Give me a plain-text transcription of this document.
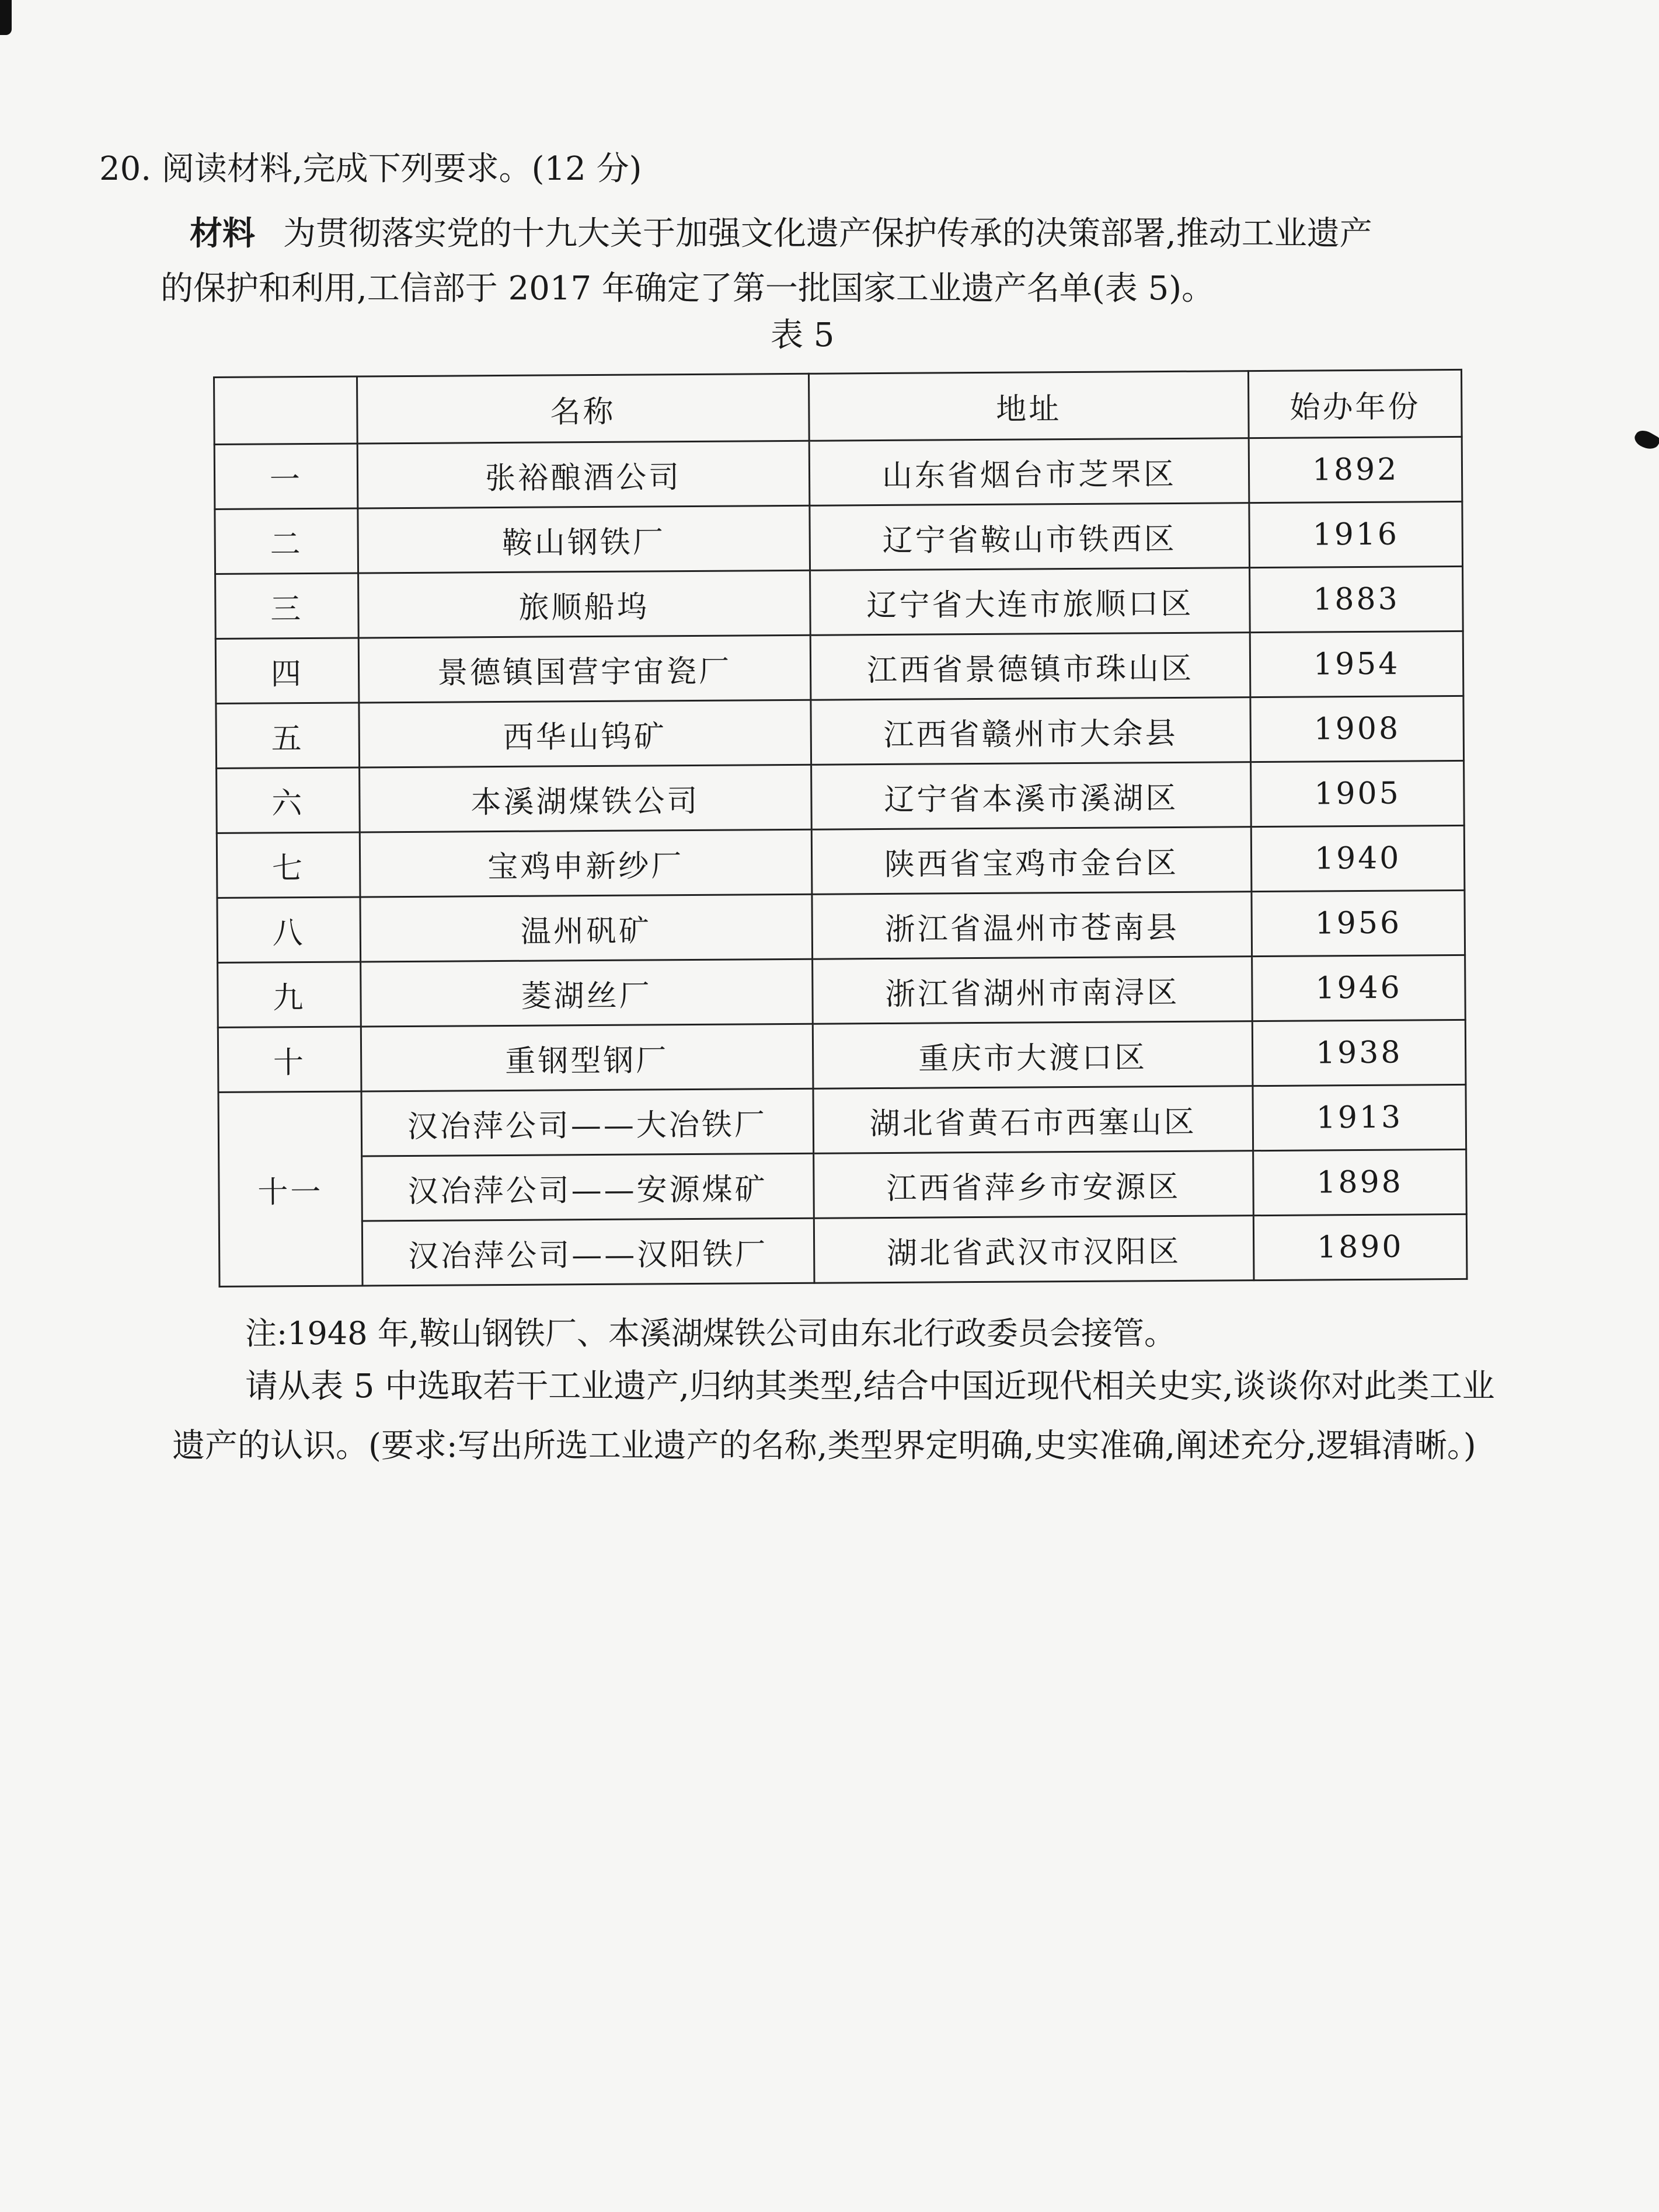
20. 阅读材料,完成下列要求。(12 分)
材料 为贯彻落实党的十九大关于加强文化遗产保护传承的决策部署,推动工业遗产
的保护和利用,工信部于 2017 年确定了第一批国家工业遗产名单(表 5)。
表 5
	名称	地址	始办年份
一	张裕酿酒公司	山东省烟台市芝罘区	1892
二	鞍山钢铁厂	辽宁省鞍山市铁西区	1916
三	旅顺船坞	辽宁省大连市旅顺口区	1883
四	景德镇国营宇宙瓷厂	江西省景德镇市珠山区	1954
五	西华山钨矿	江西省赣州市大余县	1908
六	本溪湖煤铁公司	辽宁省本溪市溪湖区	1905
七	宝鸡申新纱厂	陕西省宝鸡市金台区	1940
八	温州矾矿	浙江省温州市苍南县	1956
九	菱湖丝厂	浙江省湖州市南浔区	1946
十	重钢型钢厂	重庆市大渡口区	1938
十一	汉冶萍公司——大冶铁厂	湖北省黄石市西塞山区	1913
	汉冶萍公司——安源煤矿	江西省萍乡市安源区	1898
	汉冶萍公司——汉阳铁厂	湖北省武汉市汉阳区	1890
注:1948 年,鞍山钢铁厂、本溪湖煤铁公司由东北行政委员会接管。
请从表 5 中选取若干工业遗产,归纳其类型,结合中国近现代相关史实,谈谈你对此类工业遗产的认识。(要求:写出所选工业遗产的名称,类型界定明确,史实准确,阐述充分,逻辑清晰。)
